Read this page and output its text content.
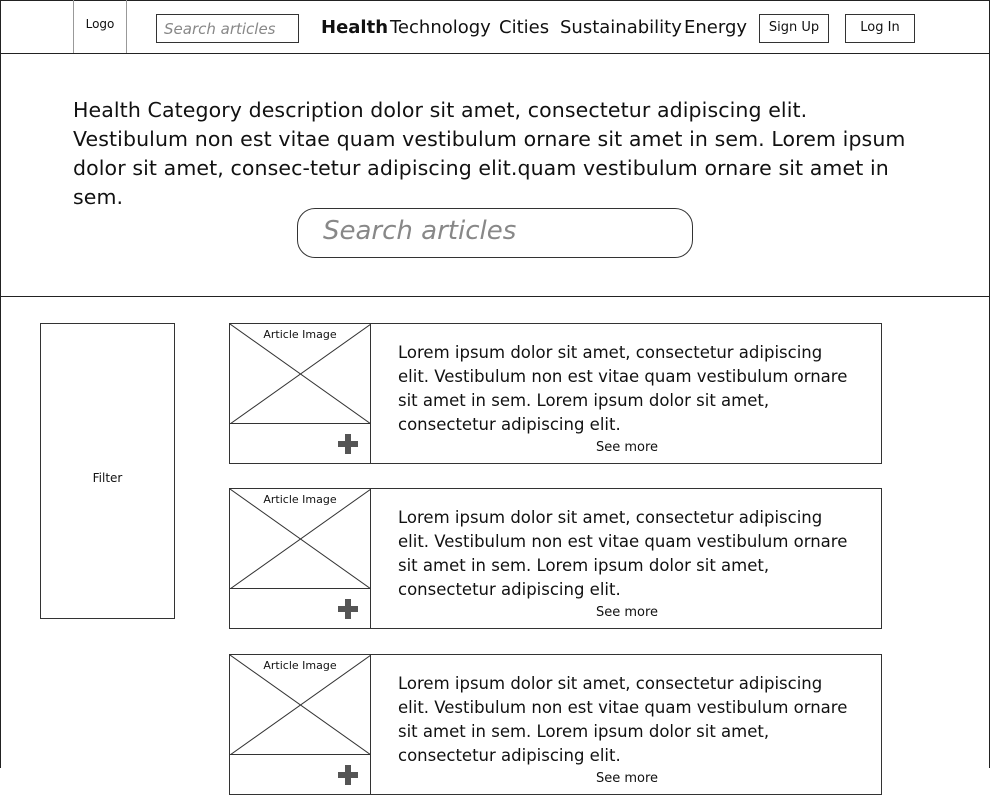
Logo	Search articles	Health Technology Cities Sustainability Energy	Sign Up	Log In
Health Category description dolor sit amet, consectetur adipiscing elit. Vestibulum non est vitae quam vestibulum ornare sit amet in sem. Lorem ipsum dolor sit amet, consec-tetur adipiscing elit.quam vestibulum ornare sit amet in sem.
Search articles
Filter
Article Image
Lorem ipsum dolor sit amet, consectetur adipiscing elit. Vestibulum non est vitae quam vestibulum ornare sit amet in sem. Lorem ipsum dolor sit amet, consectetur adipiscing elit.
See more
Article Image
Lorem ipsum dolor sit amet, consectetur adipiscing elit. Vestibulum non est vitae quam vestibulum ornare sit amet in sem. Lorem ipsum dolor sit amet, consectetur adipiscing elit.
See more
Article Image
Lorem ipsum dolor sit amet, consectetur adipiscing elit. Vestibulum non est vitae quam vestibulum ornare sit amet in sem. Lorem ipsum dolor sit amet, consectetur adipiscing elit.
See more
